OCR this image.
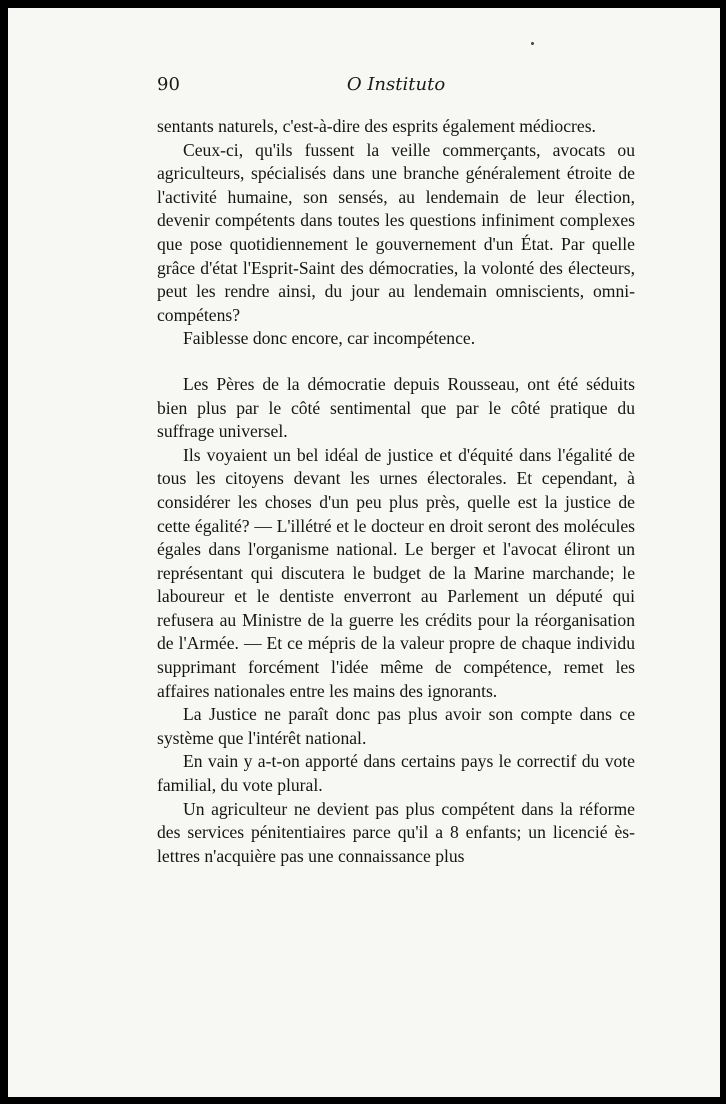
90	O Instituto

sentants naturels, c'est-à-dire des esprits également médiocres.

Ceux-ci, qu'ils fussent la veille commerçants, avocats ou agriculteurs, spécialisés dans une branche généralement étroite de l'activité humaine, son sensés, au lendemain de leur élection, devenir compétents dans toutes les questions infiniment complexes que pose quotidiennement le gouvernement d'un État. Par quelle grâce d'état l'Esprit-Saint des démocraties, la volonté des électeurs, peut les rendre ainsi, du jour au lendemain omniscients, omni-compétens?

Faiblesse donc encore, car incompétence.

Les Pères de la démocratie depuis Rousseau, ont été séduits bien plus par le côté sentimental que par le côté pratique du suffrage universel.

Ils voyaient un bel idéal de justice et d'équité dans l'égalité de tous les citoyens devant les urnes électorales. Et cependant, à considérer les choses d'un peu plus près, quelle est la justice de cette égalité? — L'illétré et le docteur en droit seront des molécules égales dans l'organisme national. Le berger et l'avocat éliront un représentant qui discutera le budget de la Marine marchande; le laboureur et le dentiste enverront au Parlement un député qui refusera au Ministre de la guerre les crédits pour la réorganisation de l'Armée. — Et ce mépris de la valeur propre de chaque individu supprimant forcément l'idée même de compétence, remet les affaires nationales entre les mains des ignorants.

La Justice ne paraît donc pas plus avoir son compte dans ce système que l'intérêt national.

En vain y a-t-on apporté dans certains pays le correctif du vote familial, du vote plural.

Un agriculteur ne devient pas plus compétent dans la réforme des services pénitentiaires parce qu'il a 8 enfants; un licencié ès-lettres n'acquière pas une connaissance plus
